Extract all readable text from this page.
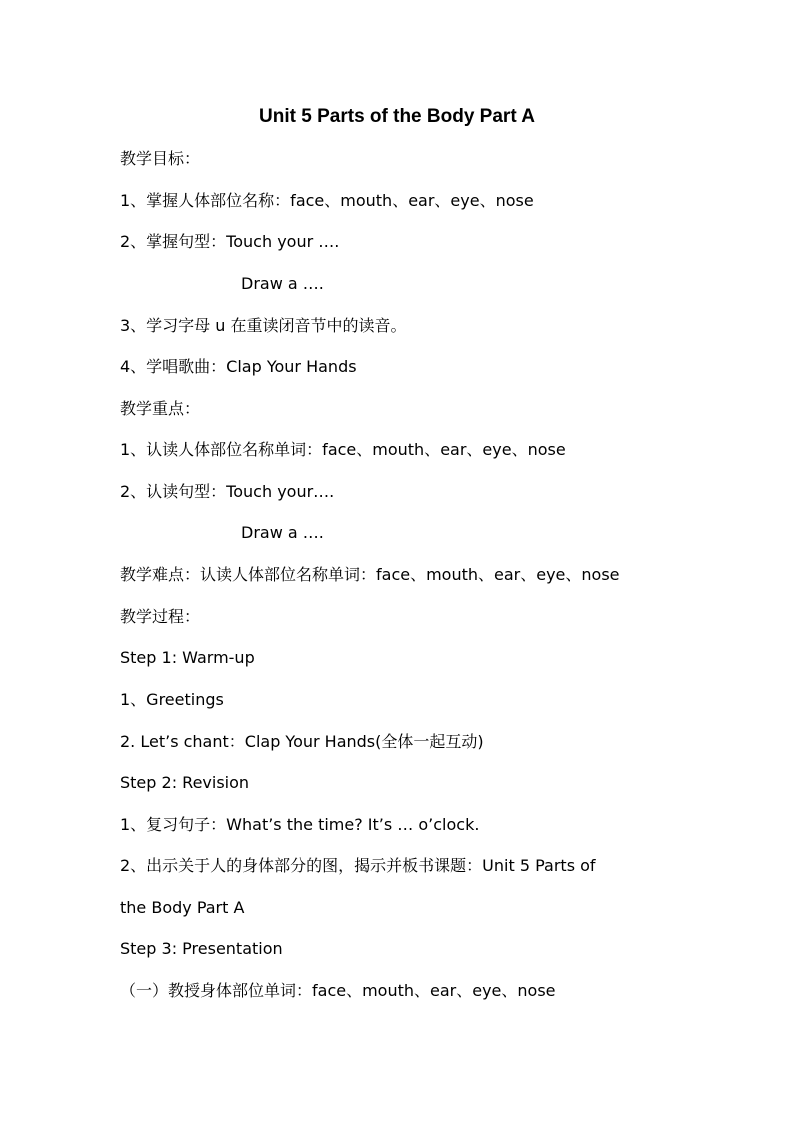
Unit 5 Parts of the Body Part A
教学目标：
1、掌握人体部位名称：face、mouth、ear、eye、nose
2、掌握句型：Touch your ….
Draw a ….
3、学习字母 u 在重读闭音节中的读音。
4、学唱歌曲：Clap Your Hands
教学重点：
1、认读人体部位名称单词：face、mouth、ear、eye、nose
2、认读句型：Touch your….
Draw a ….
教学难点：认读人体部位名称单词：face、mouth、ear、eye、nose
教学过程：
Step 1: Warm-up
1、Greetings
2. Let’s chant：Clap Your Hands(全体一起互动)
Step 2: Revision
1、复习句子：What’s the time? It’s … o’clock.
2、出示关于人的身体部分的图，揭示并板书课题：Unit 5 Parts of
the Body Part A
Step 3: Presentation
（一）教授身体部位单词：face、mouth、ear、eye、nose
